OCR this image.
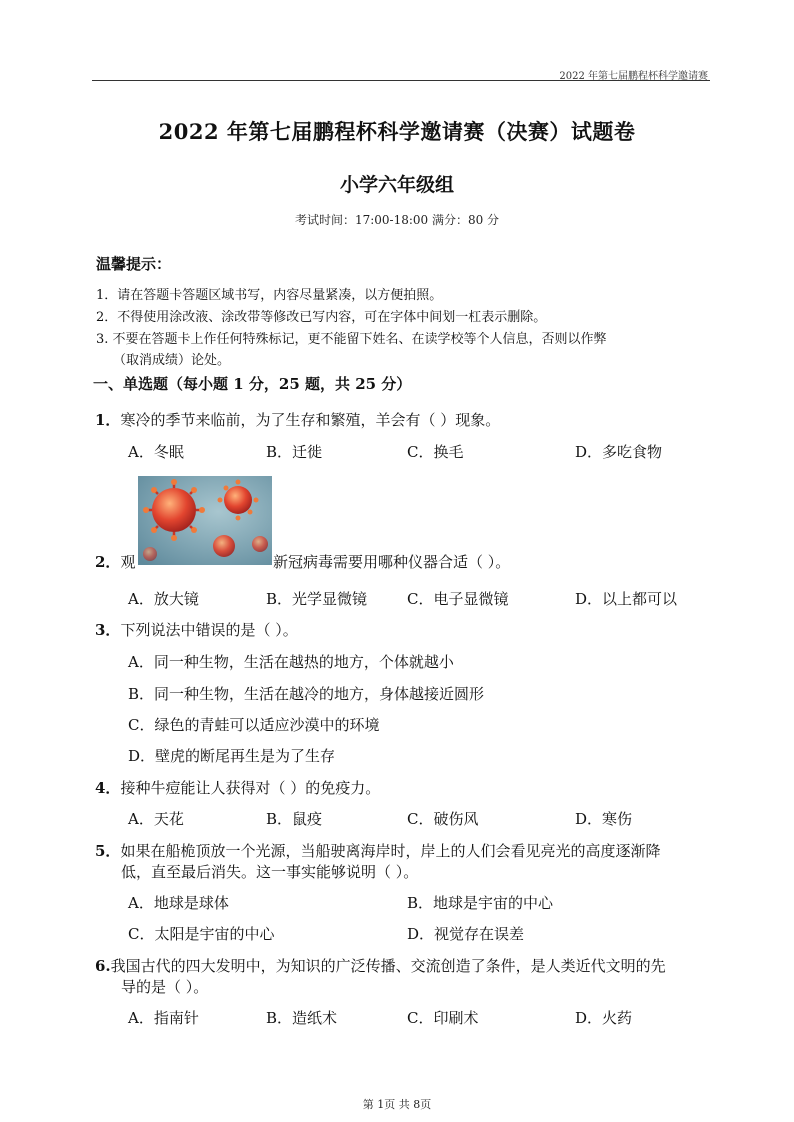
2022 年第七届鹏程杯科学邀请赛
2022 年第七届鹏程杯科学邀请赛（决赛）试题卷
小学六年级组
考试时间：17:00-18:00 满分：80 分
温馨提示：
1．请在答题卡答题区域书写，内容尽量紧凑，以方便拍照。
2．不得使用涂改液、涂改带等修改已写内容，可在字体中间划一杠表示删除。
3. 不要在答题卡上作任何特殊标记，更不能留下姓名、在读学校等个人信息，否则以作弊
（取消成绩）论处。
一、单选题（每小题 1 分，25 题，共 25 分）
1．寒冷的季节来临前，为了生存和繁殖，羊会有（ ）现象。
A．冬眠	B．迁徙	C．换毛	D．多吃食物
2．观	新冠病毒需要用哪种仪器合适（ ）。
A．放大镜	B．光学显微镜	C．电子显微镜	D．以上都可以
3．下列说法中错误的是（ ）。
A．同一种生物，生活在越热的地方，个体就越小
B．同一种生物，生活在越冷的地方，身体越接近圆形
C．绿色的青蛙可以适应沙漠中的环境
D．壁虎的断尾再生是为了生存
4．接种牛痘能让人获得对（ ）的免疫力。
A．天花	B．鼠疫	C．破伤风	D．寒伤
5．如果在船桅顶放一个光源，当船驶离海岸时，岸上的人们会看见亮光的高度逐渐降
低，直至最后消失。这一事实能够说明（ ）。
A．地球是球体	B．地球是宇宙的中心
C．太阳是宇宙的中心	D．视觉存在误差
6.我国古代的四大发明中，为知识的广泛传播、交流创造了条件，是人类近代文明的先
导的是（ ）。
A．指南针	B．造纸术	C．印刷术	D．火药
第 1页 共 8页
